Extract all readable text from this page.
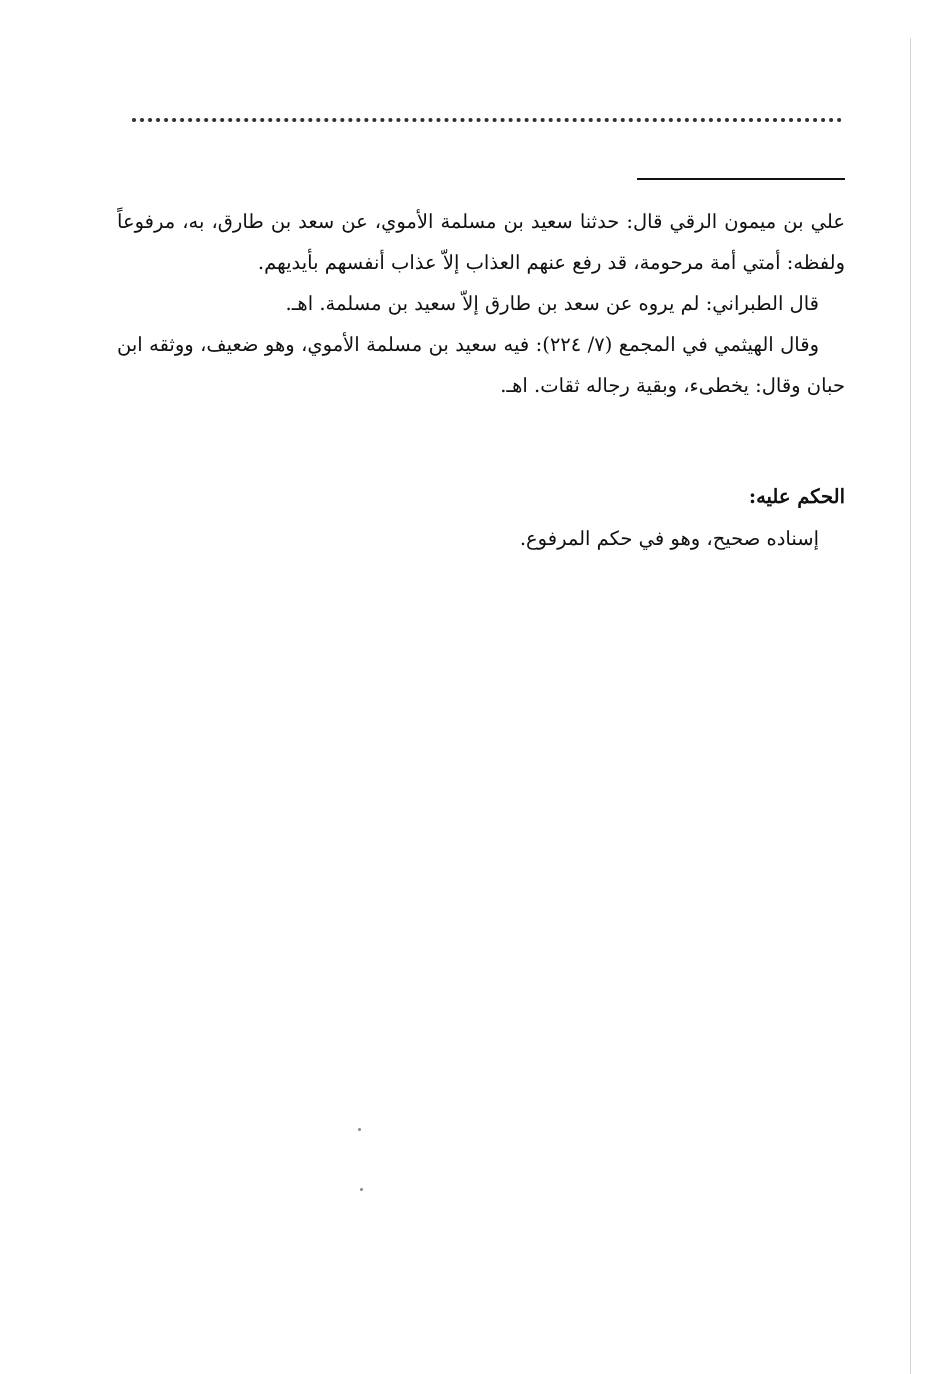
علي بن ميمون الرقي قال: حدثنا سعيد بن مسلمة الأموي، عن سعد بن طارق، به، مرفوعاً ولفظه: أمتي أمة مرحومة، قد رفع عنهم العذاب إلاّ عذاب أنفسهم بأيديهم.

قال الطبراني: لم يروه عن سعد بن طارق إلاّ سعيد بن مسلمة. اهـ.

وقال الهيثمي في المجمع (٧/ ٢٢٤): فيه سعيد بن مسلمة الأموي، وهو ضعيف، ووثقه ابن حبان وقال: يخطىء، وبقية رجاله ثقات. اهـ.

الحكم عليه:

إسناده صحيح، وهو في حكم المرفوع.
